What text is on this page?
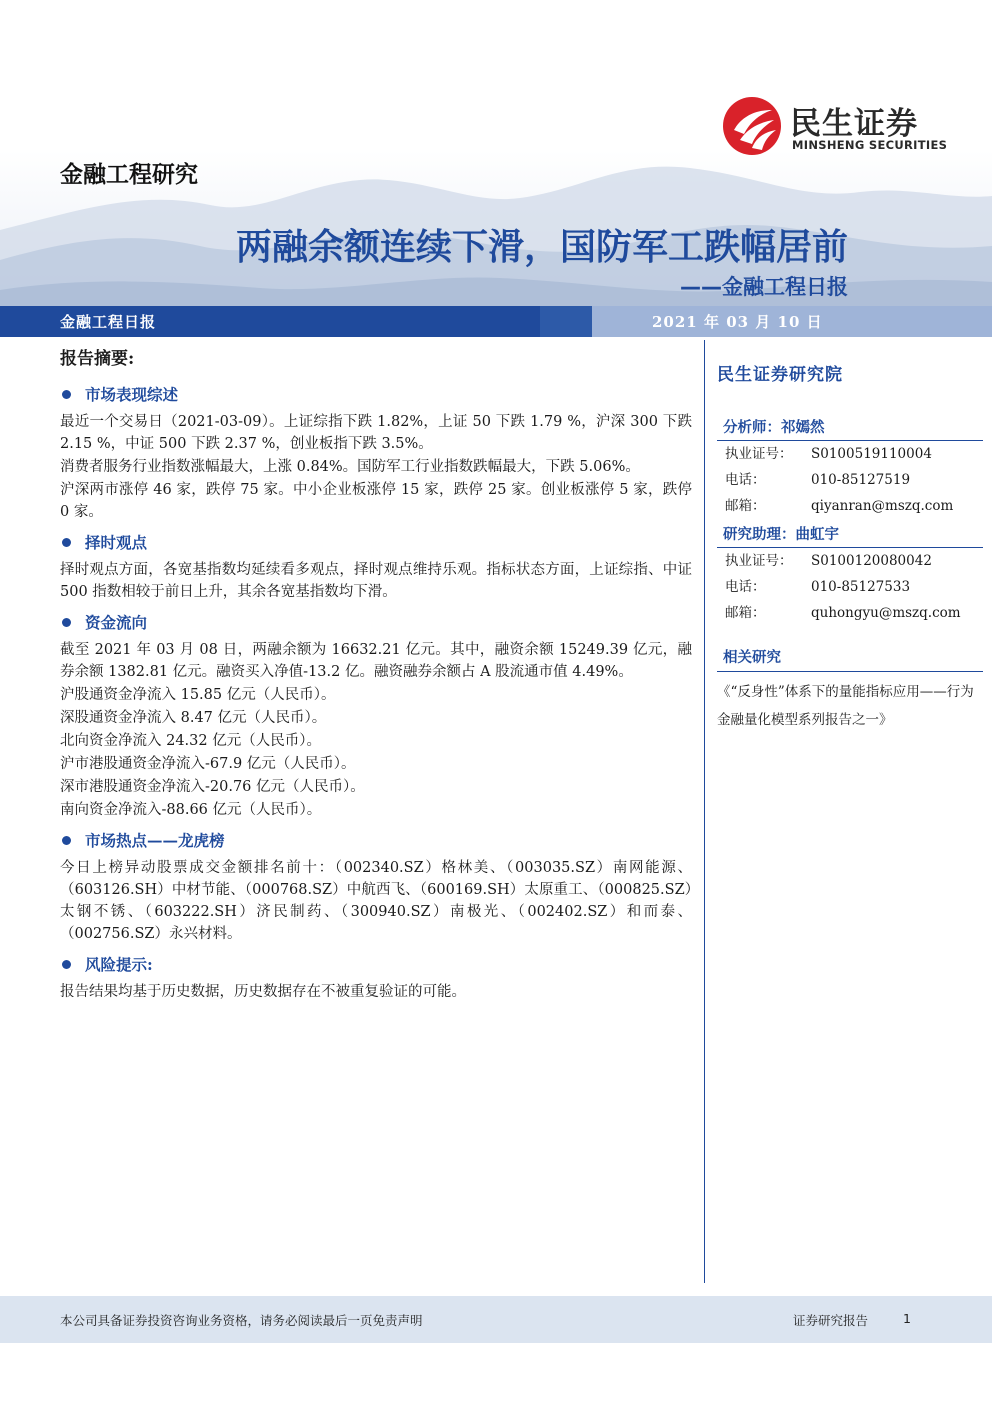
民生证券
MINSHENG SECURITIES
金融工程研究
两融余额连续下滑，国防军工跌幅居前
——金融工程日报
金融工程日报	2021 年 03 月 10 日
报告摘要:
市场表现综述

最近一个交易日（2021-03-09）。上证综指下跌 1.82%，上证 50 下跌 1.79 %，沪深 300 下跌 2.15 %，中证 500 下跌 2.37 %，创业板指下跌 3.5%。

消费者服务行业指数涨幅最大，上涨 0.84%。国防军工行业指数跌幅最大，下跌 5.06%。

沪深两市涨停 46 家，跌停 75 家。中小企业板涨停 15 家，跌停 25 家。创业板涨停 5 家，跌停 0 家。

择时观点

择时观点方面，各宽基指数均延续看多观点，择时观点维持乐观。指标状态方面，上证综指、中证 500 指数相较于前日上升，其余各宽基指数均下滑。

资金流向

截至 2021 年 03 月 08 日，两融余额为 16632.21 亿元。其中，融资余额 15249.39 亿元，融券余额 1382.81 亿元。融资买入净值-13.2 亿。融资融券余额占 A 股流通市值 4.49%。

沪股通资金净流入 15.85 亿元（人民币）。

深股通资金净流入 8.47 亿元（人民币）。

北向资金净流入 24.32 亿元（人民币）。

沪市港股通资金净流入-67.9 亿元（人民币）。

深市港股通资金净流入-20.76 亿元（人民币）。

南向资金净流入-88.66 亿元（人民币）。

市场热点——龙虎榜

今日上榜异动股票成交金额排名前十：（002340.SZ）格林美、（003035.SZ）南网能源、（603126.SH）中材节能、（000768.SZ）中航西飞、（600169.SH）太原重工、（000825.SZ）太钢不锈、（603222.SH）济民制药、（300940.SZ）南极光、（002402.SZ）和而泰、（002756.SZ）永兴材料。

风险提示:

报告结果均基于历史数据，历史数据存在不被重复验证的可能。

民生证券研究院
分析师：祁嫣然
执业证号：	S0100519110004
电话：	010-85127519
邮箱：	qiyanran@mszq.com
研究助理：曲虹宇
执业证号：	S0100120080042
电话：	010-85127533
邮箱：	quhongyu@mszq.com
相关研究
《“反身性”体系下的量能指标应用——行为金融量化模型系列报告之一》
本公司具备证券投资咨询业务资格，请务必阅读最后一页免责声明	证券研究报告	1
